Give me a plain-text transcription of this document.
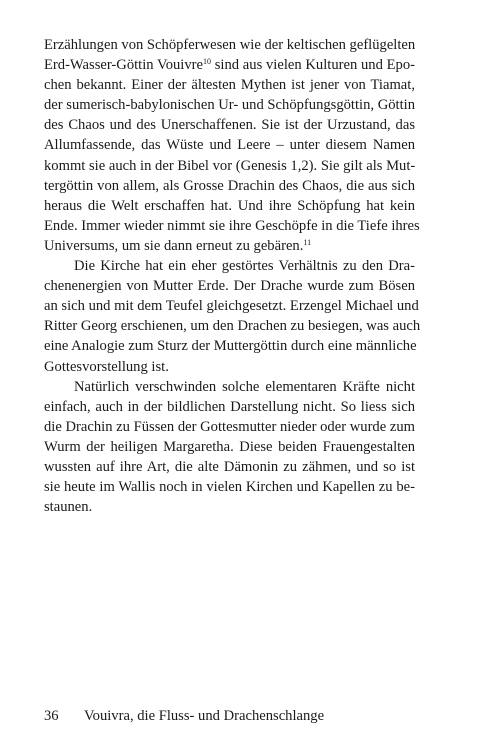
Erzählungen von Schöpferwesen wie der keltischen geflügelten
Erd-Wasser-Göttin Vouivre$^{10}$ sind aus vielen Kulturen und Epo-
chen bekannt. Einer der ältesten Mythen ist jener von Tiamat,
der sumerisch-babylonischen Ur- und Schöpfungsgöttin, Göttin
des Chaos und des Unerschaffenen. Sie ist der Urzustand, das
Allumfassende, das Wüste und Leere – unter diesem Namen
kommt sie auch in der Bibel vor (Genesis 1,2). Sie gilt als Mut-
tergöttin von allem, als Grosse Drachin des Chaos, die aus sich
heraus die Welt erschaffen hat. Und ihre Schöpfung hat kein
Ende. Immer wieder nimmt sie ihre Geschöpfe in die Tiefe ihres
Universums, um sie dann erneut zu gebären.$^{11}$
Die Kirche hat ein eher gestörtes Verhältnis zu den Dra-
chenenergien von Mutter Erde. Der Drache wurde zum Bösen
an sich und mit dem Teufel gleichgesetzt. Erzengel Michael und
Ritter Georg erschienen, um den Drachen zu besiegen, was auch
eine Analogie zum Sturz der Muttergöttin durch eine männliche
Gottesvorstellung ist.
Natürlich verschwinden solche elementaren Kräfte nicht
einfach, auch in der bildlichen Darstellung nicht. So liess sich
die Drachin zu Füssen der Gottesmutter nieder oder wurde zum
Wurm der heiligen Margaretha. Diese beiden Frauengestalten
wussten auf ihre Art, die alte Dämonin zu zähmen, und so ist
sie heute im Wallis noch in vielen Kirchen und Kapellen zu be-
staunen.
36 Vouivra, die Fluss- und Drachenschlange
